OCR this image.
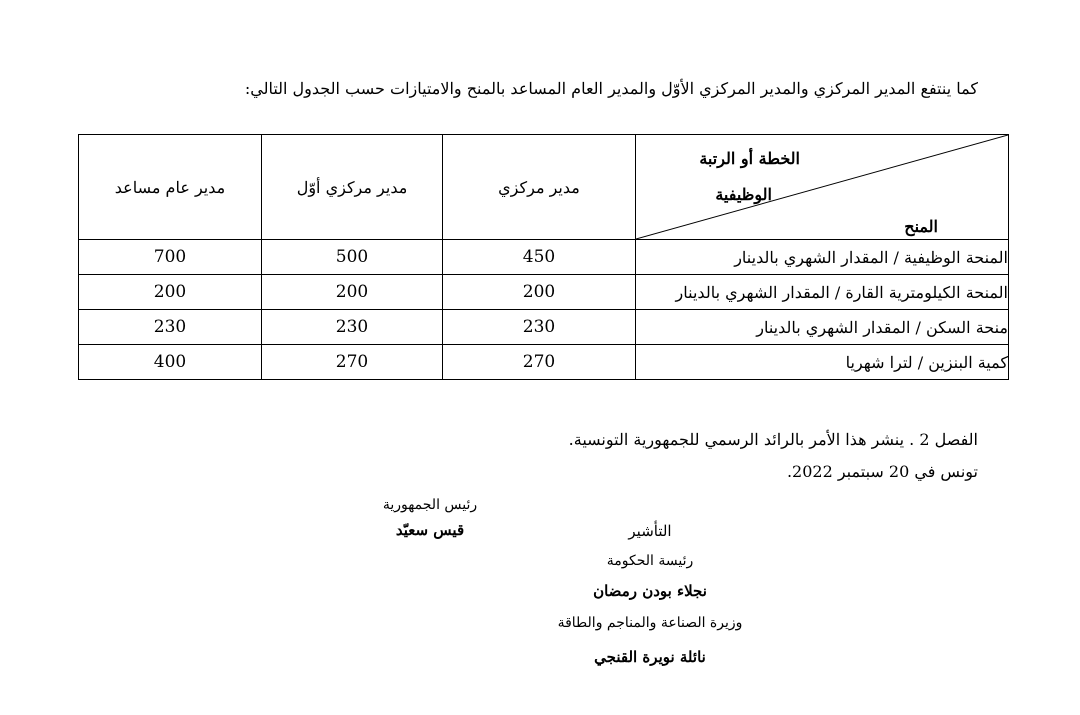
كما ينتفع المدير المركزي والمدير المركزي الأوّل والمدير العام المساعد بالمنح والامتيازات حسب الجدول التالي:
الخطة أو الرتبة
الوظيفية
المنح	مدير مركزي	مدير مركزي أوّل	مدير عام مساعد
المنحة الوظيفية / المقدار الشهري بالدينار	450	500	700
المنحة الكيلومترية القارة / المقدار الشهري بالدينار	200	200	200
منحة السكن / المقدار الشهري بالدينار	230	230	230
كمية البنزين / لترا شهريا	270	270	400
الفصل 2 . ينشر هذا الأمر بالرائد الرسمي للجمهورية التونسية.
تونس في 20 سبتمبر 2022.
رئيس الجمهورية
قيس سعيّد	التأشير
رئيسة الحكومة
نجلاء بودن رمضان
وزيرة الصناعة والمناجم والطاقة
نائلة نويرة القنجي
